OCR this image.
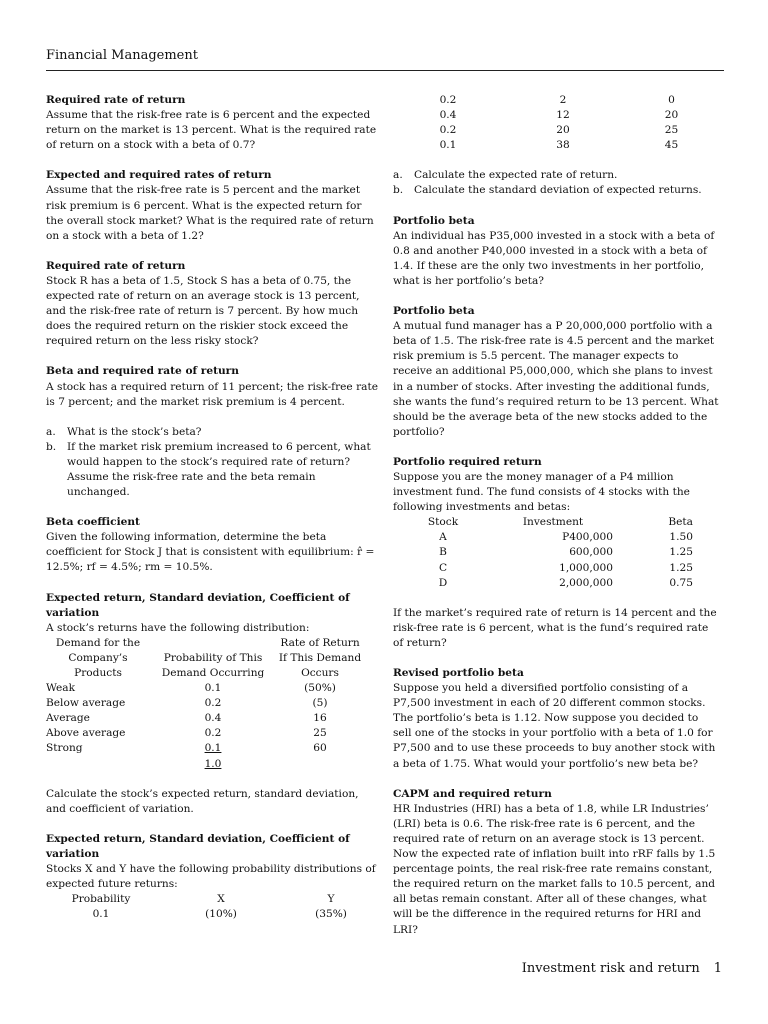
Financial Management
Required rate of return

Assume that the risk-free rate is 6 percent and the expected return on the market is 13 percent. What is the required rate of return on a stock with a beta of 0.7?

Expected and required rates of return

Assume that the risk-free rate is 5 percent and the market risk premium is 6 percent. What is the expected return for the overall stock market? What is the required rate of return on a stock with a beta of 1.2?

Required rate of return

Stock R has a beta of 1.5, Stock S has a beta of 0.75, the expected rate of return on an average stock is 13 percent, and the risk-free rate of return is 7 percent. By how much does the required return on the riskier stock exceed the required return on the less risky stock?

Beta and required rate of return

A stock has a required return of 11 percent; the risk-free rate is 7 percent; and the market risk premium is 4 percent.

a.	What is the stock’s beta?
b.	If the market risk premium increased to 6 percent, what would happen to the stock’s required rate of return? Assume the risk-free rate and the beta remain unchanged.
Beta coefficient

Given the following information, determine the beta coefficient for Stock J that is consistent with equilibrium: r̂ = 12.5%; rf = 4.5%; rm = 10.5%.

Expected return, Standard deviation, Coefficient of variation

A stock’s returns have the following distribution:

Demand for the Company’s Products	Probability of This Demand Occurring	Rate of Return If This Demand Occurs
Weak	0.1	(50%)
Below average	0.2	(5)
Average	0.4	16
Above average	0.2	25
Strong	0.1	60
	1.0	

Calculate the stock’s expected return, standard deviation, and coefficient of variation.

Expected return, Standard deviation, Coefficient of variation

Stocks X and Y have the following probability distributions of expected future returns:

Probability	X	Y
0.1	(10%)	(35%)
0.2	2	0
0.4	12	20
0.2	20	25
0.1	38	45
a.	Calculate the expected rate of return.
b.	Calculate the standard deviation of expected returns.
Portfolio beta

An individual has P35,000 invested in a stock with a beta of 0.8 and another P40,000 invested in a stock with a beta of 1.4. If these are the only two investments in her portfolio, what is her portfolio’s beta?

Portfolio beta

A mutual fund manager has a P 20,000,000 portfolio with a beta of 1.5. The risk-free rate is 4.5 percent and the market risk premium is 5.5 percent. The manager expects to receive an additional P5,000,000, which she plans to invest in a number of stocks. After investing the additional funds, she wants the fund’s required return to be 13 percent. What should be the average beta of the new stocks added to the portfolio?

Portfolio required return

Suppose you are the money manager of a P4 million investment fund. The fund consists of 4 stocks with the following investments and betas:

Stock	Investment	Beta
A	P400,000	1.50
B	600,000	1.25
C	1,000,000	1.25
D	2,000,000	0.75

If the market’s required rate of return is 14 percent and the risk-free rate is 6 percent, what is the fund’s required rate of return?

Revised portfolio beta

Suppose you held a diversified portfolio consisting of a P7,500 investment in each of 20 different common stocks. The portfolio’s beta is 1.12. Now suppose you decided to sell one of the stocks in your portfolio with a beta of 1.0 for P7,500 and to use these proceeds to buy another stock with a beta of 1.75. What would your portfolio’s new beta be?

CAPM and required return

HR Industries (HRI) has a beta of 1.8, while LR Industries’ (LRI) beta is 0.6. The risk-free rate is 6 percent, and the required rate of return on an average stock is 13 percent. Now the expected rate of inflation built into rRF falls by 1.5 percentage points, the real risk-free rate remains constant, the required return on the market falls to 10.5 percent, and all betas remain constant. After all of these changes, what will be the difference in the required returns for HRI and LRI?

Investment risk and return 1
